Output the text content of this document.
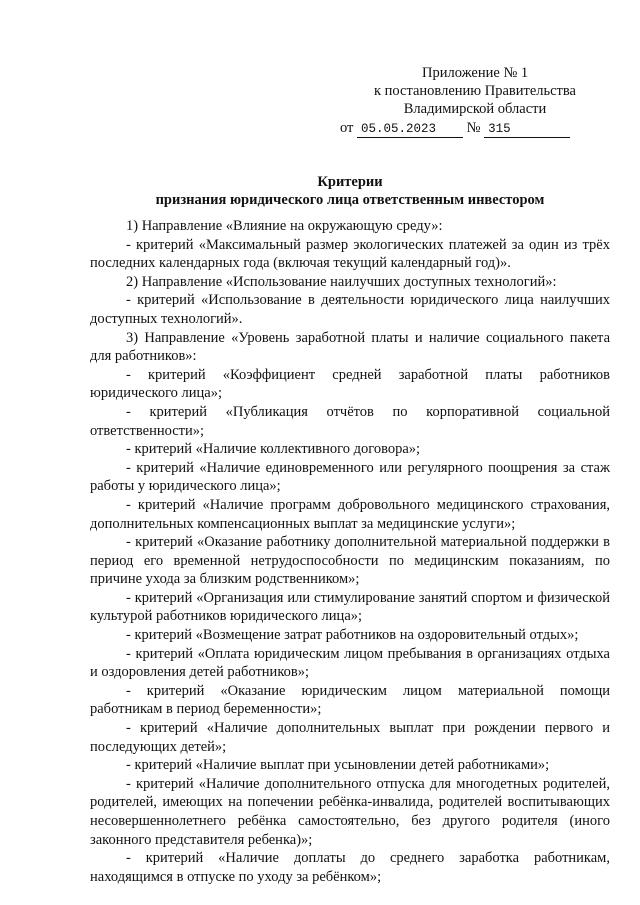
Приложение № 1
к постановлению Правительства
Владимирской области
от 05.05.2023 № 315
Критерии
признания юридического лица ответственным инвестором

1) Направление «Влияние на окружающую среду»:

- критерий «Максимальный размер экологических платежей за один из трёх последних календарных года (включая текущий календарный год)».

2) Направление «Использование наилучших доступных технологий»:

- критерий «Использование в деятельности юридического лица наилучших доступных технологий».

3) Направление «Уровень заработной платы и наличие социального пакета для работников»:

- критерий «Коэффициент средней заработной платы работников юридического лица»;

- критерий «Публикация отчётов по корпоративной социальной ответственности»;

- критерий «Наличие коллективного договора»;

- критерий «Наличие единовременного или регулярного поощрения за стаж работы у юридического лица»;

- критерий «Наличие программ добровольного медицинского страхования, дополнительных компенсационных выплат за медицинские услуги»;

- критерий «Оказание работнику дополнительной материальной поддержки в период его временной нетрудоспособности по медицинским показаниям, по причине ухода за близким родственником»;

- критерий «Организация или стимулирование занятий спортом и физической культурой работников юридического лица»;

- критерий «Возмещение затрат работников на оздоровительный отдых»;

- критерий «Оплата юридическим лицом пребывания в организациях отдыха и оздоровления детей работников»;

- критерий «Оказание юридическим лицом материальной помощи работникам в период беременности»;

- критерий «Наличие дополнительных выплат при рождении первого и последующих детей»;

- критерий «Наличие выплат при усыновлении детей работниками»;

- критерий «Наличие дополнительного отпуска для многодетных родителей, родителей, имеющих на попечении ребёнка-инвалида, родителей воспитывающих несовершеннолетнего ребёнка самостоятельно, без другого родителя (иного законного представителя ребенка)»;

- критерий «Наличие доплаты до среднего заработка работникам, находящимся в отпуске по уходу за ребёнком»;
